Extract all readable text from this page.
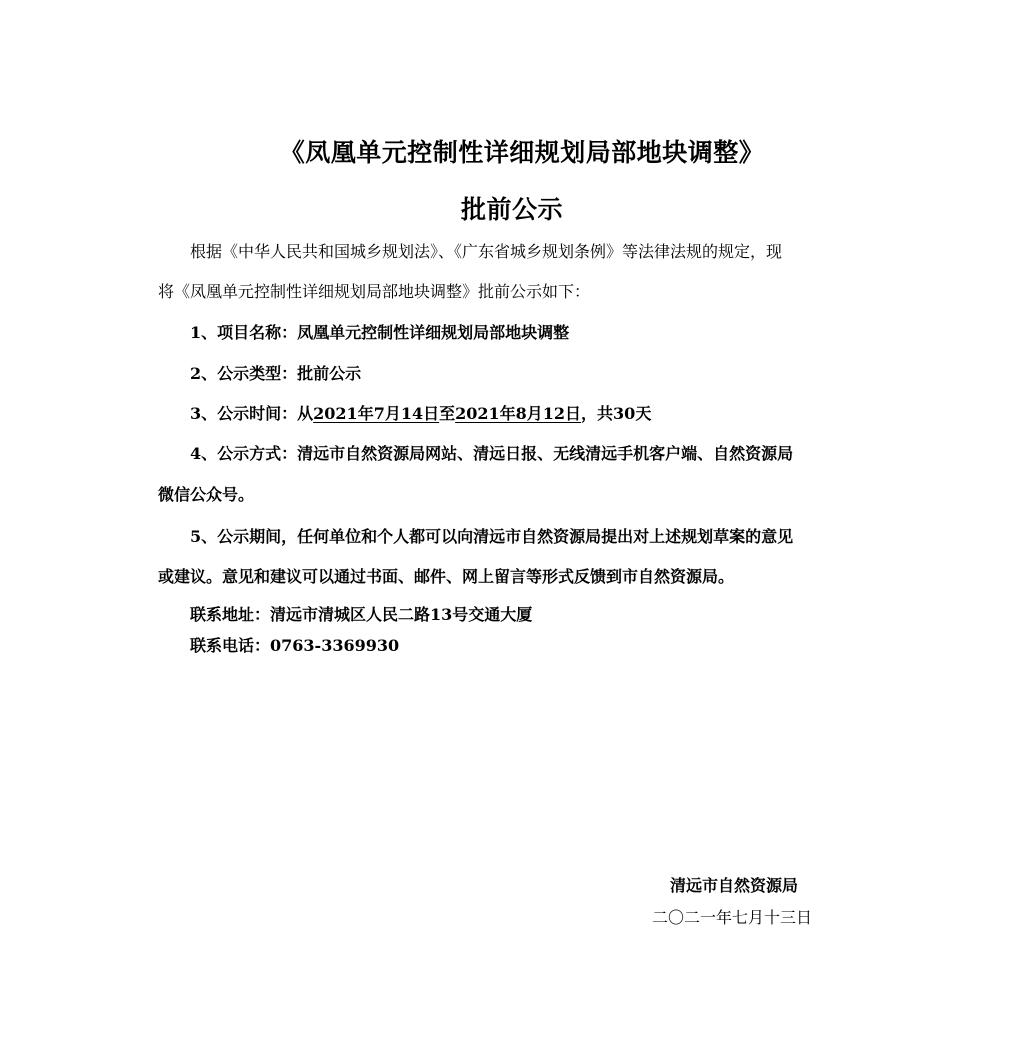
《凤凰单元控制性详细规划局部地块调整》
批前公示
根据《中华人民共和国城乡规划法》、《广东省城乡规划条例》等法律法规的规定，现
将《凤凰单元控制性详细规划局部地块调整》批前公示如下：
1、项目名称：凤凰单元控制性详细规划局部地块调整
2、公示类型：批前公示
3、公示时间：从2021年7月14日至2021年8月12日，共30天
4、公示方式：清远市自然资源局网站、清远日报、无线清远手机客户端、自然资源局
微信公众号。
5、公示期间，任何单位和个人都可以向清远市自然资源局提出对上述规划草案的意见
或建议。意见和建议可以通过书面、邮件、网上留言等形式反馈到市自然资源局。
联系地址：清远市清城区人民二路13号交通大厦
联系电话：0763-3369930
清远市自然资源局
二〇二一年七月十三日
